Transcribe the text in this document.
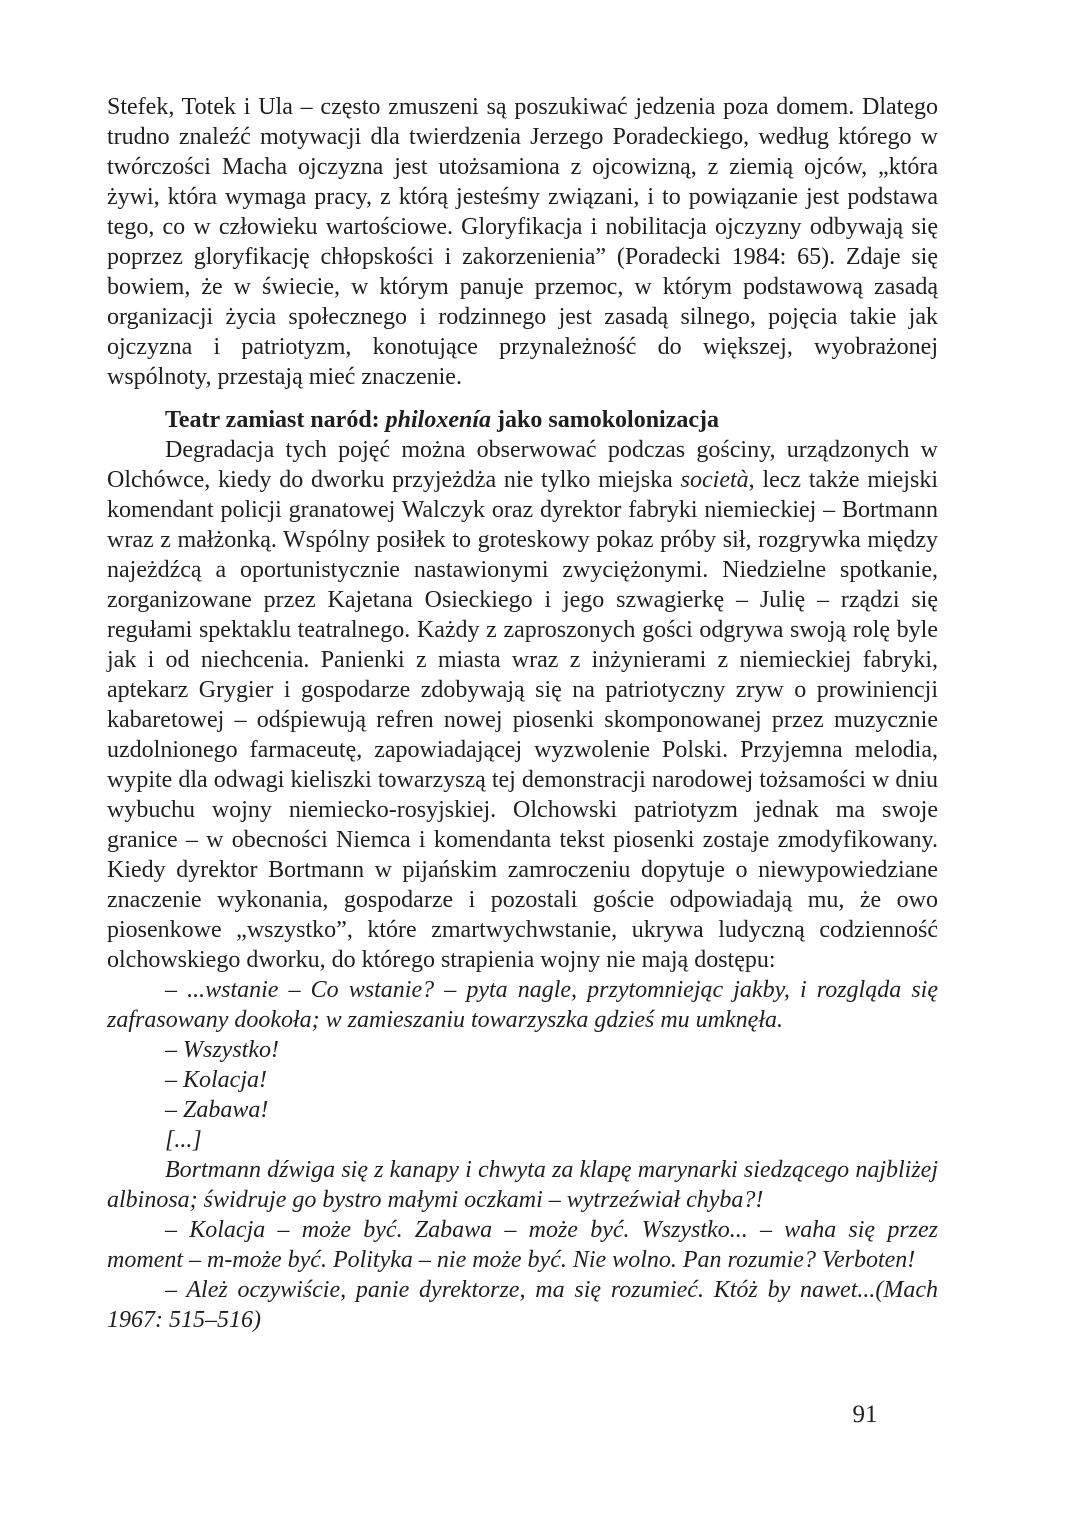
Stefek, Totek i Ula – często zmuszeni są poszukiwać jedzenia poza domem. Dlatego trudno znaleźć motywacji dla twierdzenia Jerzego Poradeckiego, według którego w twórczości Macha ojczyzna jest utożsamiona z ojcowizną, z ziemią ojców, „która żywi, która wymaga pracy, z którą jesteśmy związani, i to powiązanie jest podstawa tego, co w człowieku wartościowe. Gloryfikacja i nobilitacja ojczyzny odbywają się poprzez gloryfikację chłopskości i zakorzenienia” (Poradecki 1984: 65). Zdaje się bowiem, że w świecie, w którym panuje przemoc, w którym podstawową zasadą organizacji życia społecznego i rodzinnego jest zasadą silnego, pojęcia takie jak ojczyzna i patriotyzm, konotujące przynależność do większej, wyobrażonej wspólnoty, przestają mieć znaczenie.

Teatr zamiast naród: philoxenía jako samokolonizacja

Degradacja tych pojęć można obserwować podczas gościny, urządzonych w Olchówce, kiedy do dworku przyjeżdża nie tylko miejska società, lecz także miejski komendant policji granatowej Walczyk oraz dyrektor fabryki niemieckiej – Bortmann wraz z małżonką. Wspólny posiłek to groteskowy pokaz próby sił, rozgrywka między najeżdźcą a oportunistycznie nastawionymi zwyciężonymi. Niedzielne spotkanie, zorganizowane przez Kajetana Osieckiego i jego szwagierkę – Julię – rządzi się regułami spektaklu teatralnego. Każdy z zaproszonych gości odgrywa swoją rolę byle jak i od niechcenia. Panienki z miasta wraz z inżynierami z niemieckiej fabryki, aptekarz Grygier i gospodarze zdobywają się na patriotyczny zryw o prowiniencji kabaretowej – odśpiewują refren nowej piosenki skomponowanej przez muzycznie uzdolnionego farmaceutę, zapowiadającej wyzwolenie Polski. Przyjemna melodia, wypite dla odwagi kieliszki towarzyszą tej demonstracji narodowej tożsamości w dniu wybuchu wojny niemiecko-rosyjskiej. Olchowski patriotyzm jednak ma swoje granice – w obecności Niemca i komendanta tekst piosenki zostaje zmodyfikowany. Kiedy dyrektor Bortmann w pijańskim zamroczeniu dopytuje o niewypowiedziane znaczenie wykonania, gospodarze i pozostali goście odpowiadają mu, że owo piosenkowe „wszystko”, które zmartwychwstanie, ukrywa ludyczną codzienność olchowskiego dworku, do którego strapienia wojny nie mają dostępu:

– ...wstanie – Co wstanie? – pyta nagle, przytomniejąc jakby, i rozgląda się zafrasowany dookoła; w zamieszaniu towarzyszka gdzieś mu umknęła.

– Wszystko!

– Kolacja!

– Zabawa!

[...]

Bortmann dźwiga się z kanapy i chwyta za klapę marynarki siedzącego najbliżej albinosa; świdruje go bystro małymi oczkami – wytrzeźwiał chyba?!

– Kolacja – może być. Zabawa – może być. Wszystko... – waha się przez moment – m-może być. Polityka – nie może być. Nie wolno. Pan rozumie? Verboten!

– Ależ oczywiście, panie dyrektorze, ma się rozumieć. Któż by nawet...(Mach 1967: 515–516)

91
